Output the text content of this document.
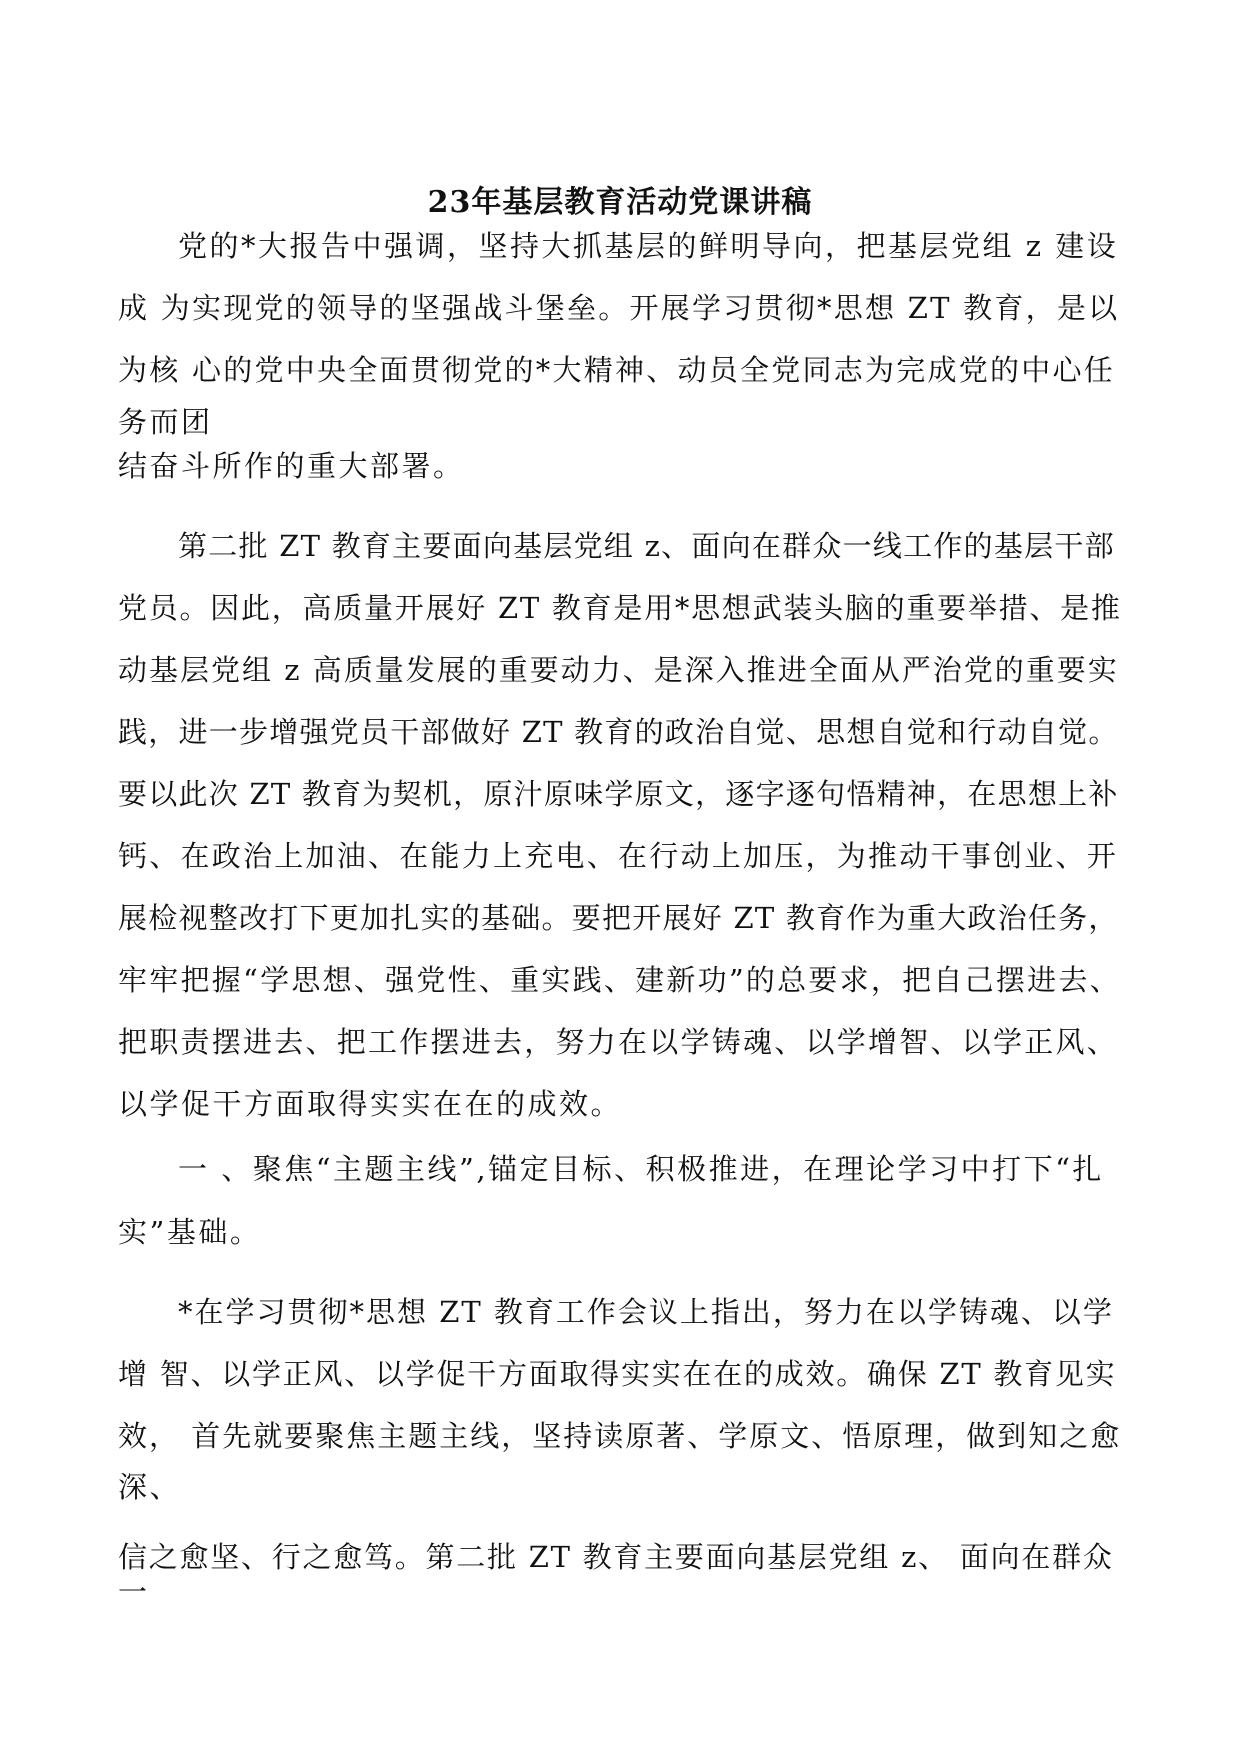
23年基层教育活动党课讲稿
党的*大报告中强调，坚持大抓基层的鲜明导向，把基层党组 z 建设
成 为实现党的领导的坚强战斗堡垒。开展学习贯彻*思想 ZT 教育，是以
为核 心的党中央全面贯彻党的*大精神、动员全党同志为完成党的中心任
务而团
结奋斗所作的重大部署。
第二批 ZT 教育主要面向基层党组 z、面向在群众一线工作的基层干部
党员。因此，高质量开展好 ZT 教育是用*思想武装头脑的重要举措、是推
动基层党组 z 高质量发展的重要动力、是深入推进全面从严治党的重要实
践，进一步增强党员干部做好 ZT 教育的政治自觉、思想自觉和行动自觉。
要以此次 ZT 教育为契机，原汁原味学原文，逐字逐句悟精神，在思想上补
钙、在政治上加油、在能力上充电、在行动上加压，为推动干事创业、开
展检视整改打下更加扎实的基础。要把开展好 ZT 教育作为重大政治任务，
牢牢把握“学思想、强党性、重实践、建新功”的总要求，把自己摆进去、
把职责摆进去、把工作摆进去，努力在以学铸魂、以学增智、以学正风、
以学促干方面取得实实在在的成效。
一 、聚焦“主题主线”,锚定目标、积极推进，在理论学习中打下“扎
实”基础。
*在学习贯彻*思想 ZT 教育工作会议上指出，努力在以学铸魂、以学
增 智、以学正风、以学促干方面取得实实在在的成效。确保 ZT 教育见实
效， 首先就要聚焦主题主线，坚持读原著、学原文、悟原理，做到知之愈
深、
信之愈坚、行之愈笃。第二批 ZT 教育主要面向基层党组 z、 面向在群众
一
